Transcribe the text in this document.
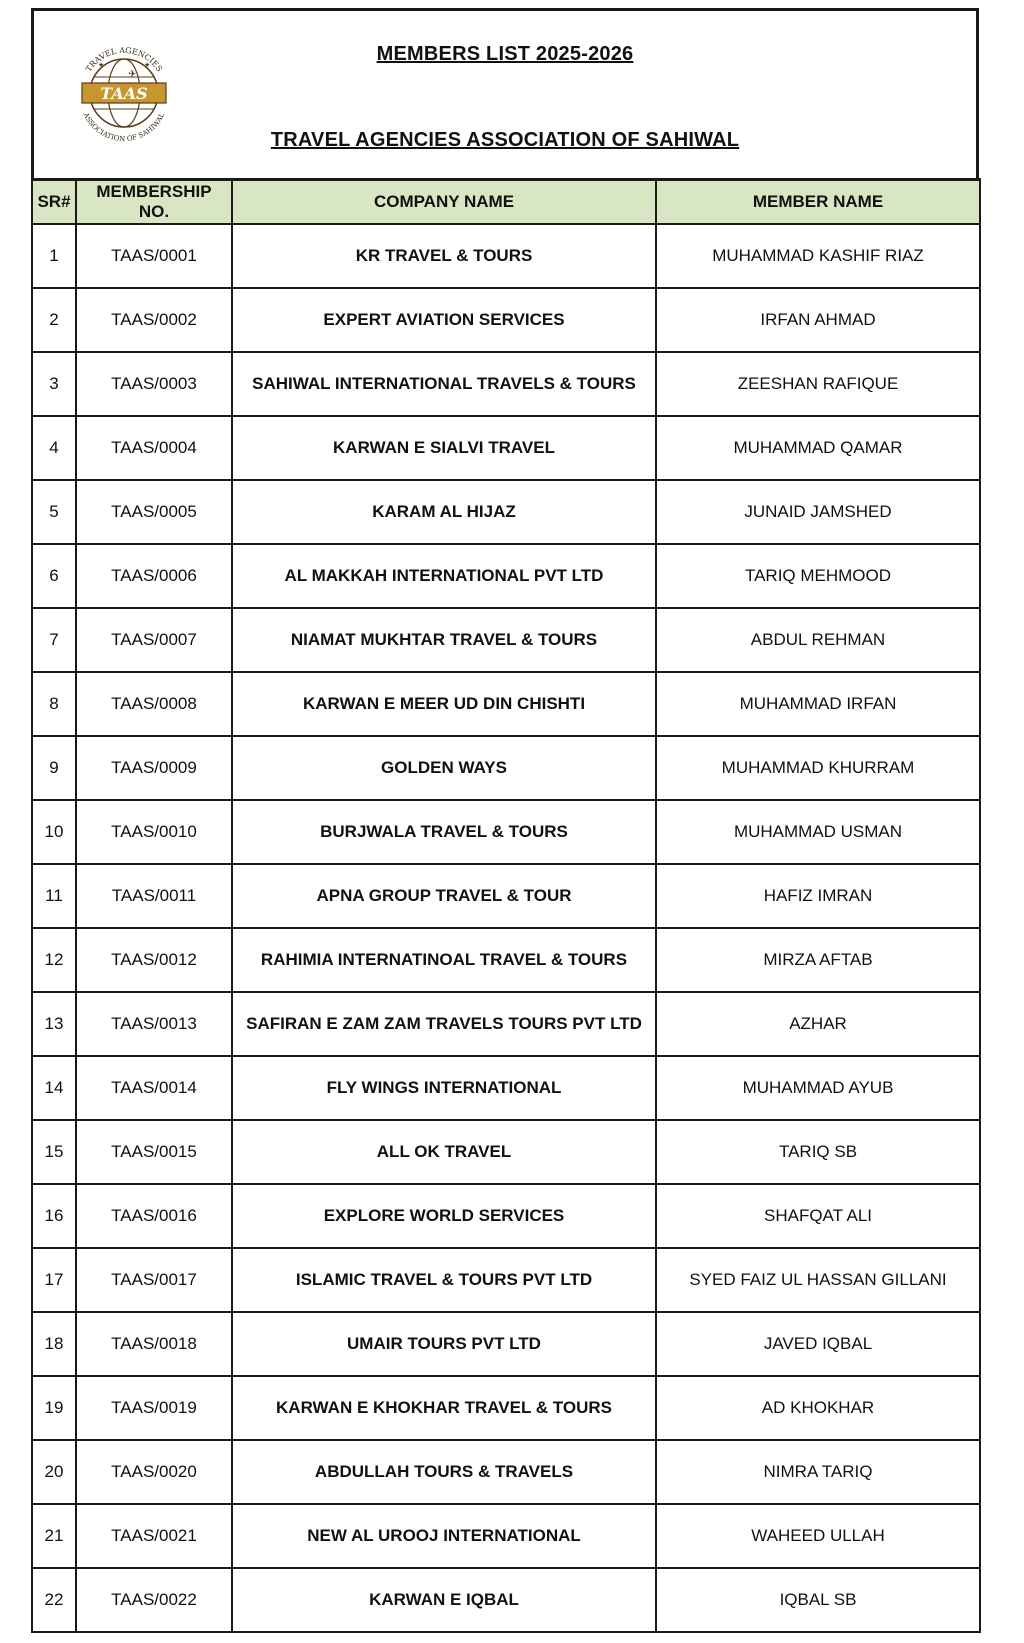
TAAS
TRAVEL AGENCIES
ASSOCIATION OF SAHIWAL
★	★
✈
MEMBERS LIST 2025-2026
TRAVEL AGENCIES ASSOCIATION OF SAHIWAL
SR#	MEMBERSHIP NO.	COMPANY NAME	MEMBER NAME
1	TAAS/0001	KR TRAVEL & TOURS	MUHAMMAD KASHIF RIAZ
2	TAAS/0002	EXPERT AVIATION SERVICES	IRFAN AHMAD
3	TAAS/0003	SAHIWAL INTERNATIONAL TRAVELS & TOURS	ZEESHAN RAFIQUE
4	TAAS/0004	KARWAN E SIALVI TRAVEL	MUHAMMAD QAMAR
5	TAAS/0005	KARAM AL HIJAZ	JUNAID JAMSHED
6	TAAS/0006	AL MAKKAH INTERNATIONAL PVT LTD	TARIQ MEHMOOD
7	TAAS/0007	NIAMAT MUKHTAR TRAVEL & TOURS	ABDUL REHMAN
8	TAAS/0008	KARWAN E MEER UD DIN CHISHTI	MUHAMMAD IRFAN
9	TAAS/0009	GOLDEN WAYS	MUHAMMAD KHURRAM
10	TAAS/0010	BURJWALA TRAVEL & TOURS	MUHAMMAD USMAN
11	TAAS/0011	APNA GROUP TRAVEL & TOUR	HAFIZ IMRAN
12	TAAS/0012	RAHIMIA INTERNATINOAL TRAVEL & TOURS	MIRZA AFTAB
13	TAAS/0013	SAFIRAN E ZAM ZAM TRAVELS TOURS PVT LTD	AZHAR
14	TAAS/0014	FLY WINGS INTERNATIONAL	MUHAMMAD AYUB
15	TAAS/0015	ALL OK TRAVEL	TARIQ SB
16	TAAS/0016	EXPLORE WORLD SERVICES	SHAFQAT ALI
17	TAAS/0017	ISLAMIC TRAVEL & TOURS PVT LTD	SYED FAIZ UL HASSAN GILLANI
18	TAAS/0018	UMAIR TOURS PVT LTD	JAVED IQBAL
19	TAAS/0019	KARWAN E KHOKHAR TRAVEL & TOURS	AD KHOKHAR
20	TAAS/0020	ABDULLAH TOURS & TRAVELS	NIMRA TARIQ
21	TAAS/0021	NEW AL UROOJ INTERNATIONAL	WAHEED ULLAH
22	TAAS/0022	KARWAN E IQBAL	IQBAL SB
